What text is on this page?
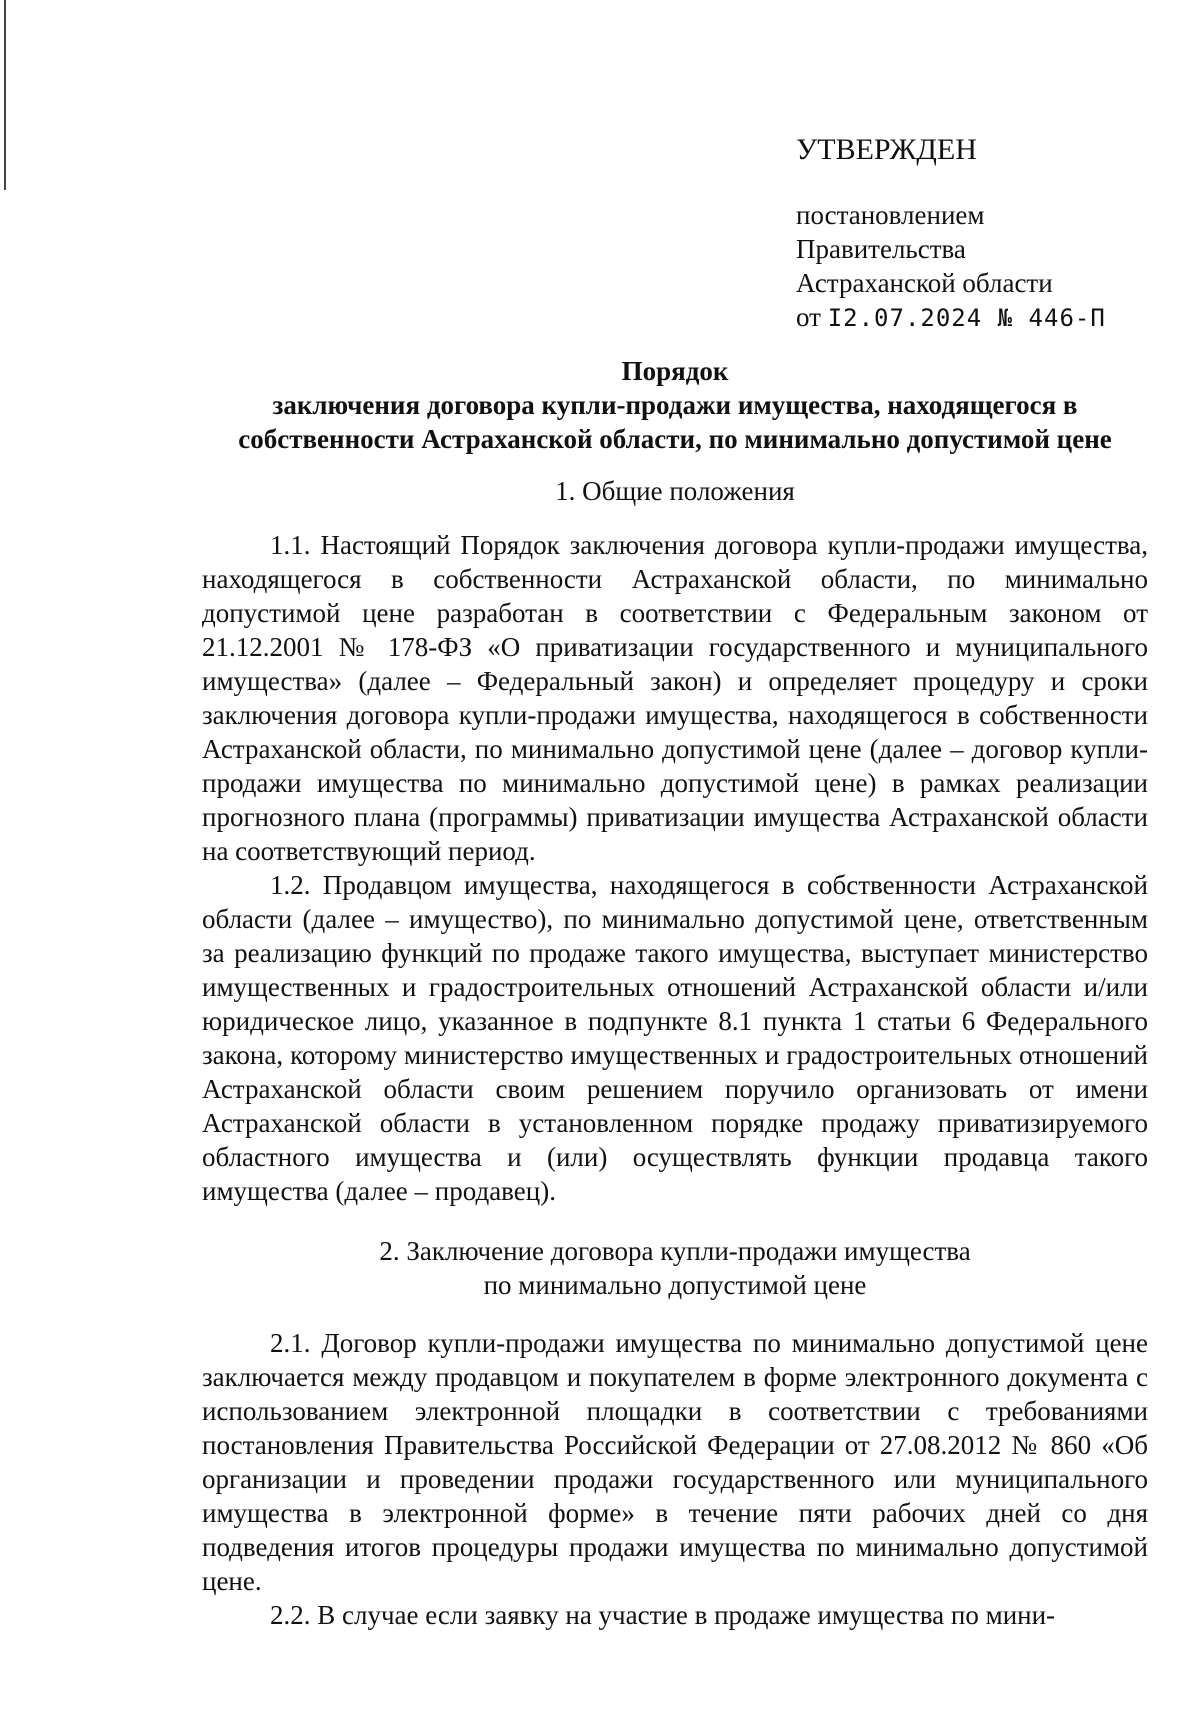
УТВЕРЖДЕН
постановлением
Правительства
Астраханской области
от I2.07.2024 № 446-П
Порядок
заключения договора купли-продажи имущества, находящегося в
собственности Астраханской области, по минимально допустимой цене
1. Общие положения

1.1. Настоящий Порядок заключения договора купли-продажи имущества, находящегося в собственности Астраханской области, по минимально допустимой цене разработан в соответствии с Федеральным законом от 21.12.2001 № 178-ФЗ «О приватизации государственного и муниципального имущества» (далее – Федеральный закон) и определяет процедуру и сроки заключения договора купли-продажи имущества, находящегося в собственности Астраханской области, по минимально допустимой цене (далее – договор купли-продажи имущества по минимально допустимой цене) в рамках реализации прогнозного плана (программы) приватизации имущества Астраханской области на соответствующий период.

1.2. Продавцом имущества, находящегося в собственности Астраханской области (далее – имущество), по минимально допустимой цене, ответственным за реализацию функций по продаже такого имущества, выступает министерство имущественных и градостроительных отношений Астраханской области и/или юридическое лицо, указанное в подпункте 8.1 пункта 1 статьи 6 Федерального закона, которому министерство имущественных и градостроительных отношений Астраханской области своим решением поручило организовать от имени Астраханской области в установленном порядке продажу приватизируемого областного имущества и (или) осуществлять функции продавца такого имущества (далее – продавец).

2. Заключение договора купли-продажи имущества
по минимально допустимой цене

2.1. Договор купли-продажи имущества по минимально допустимой цене заключается между продавцом и покупателем в форме электронного документа с использованием электронной площадки в соответствии с требованиями постановления Правительства Российской Федерации от 27.08.2012 № 860 «Об организации и проведении продажи государственного или муниципального имущества в электронной форме» в течение пяти рабочих дней со дня подведения итогов процедуры продажи имущества по минимально допустимой цене.

2.2. В случае если заявку на участие в продаже имущества по мини-
